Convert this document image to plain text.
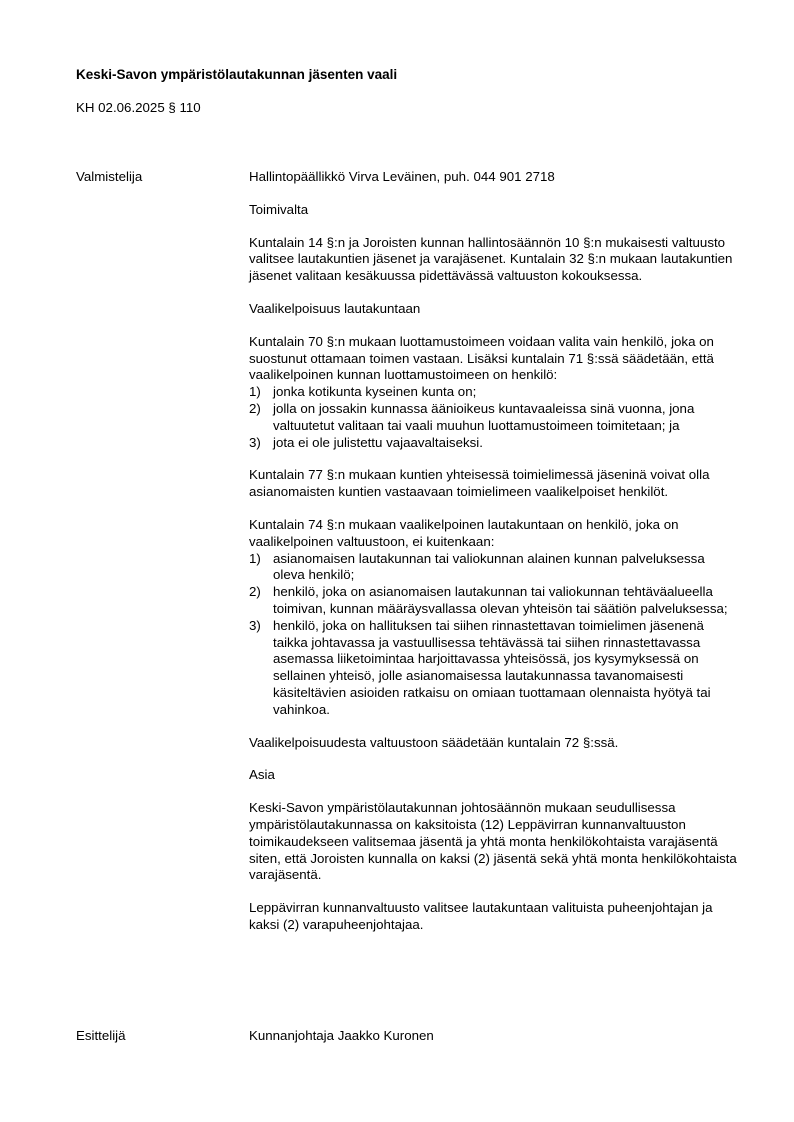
Keski-Savon ympäristölautakunnan jäsenten vaali
KH 02.06.2025 § 110
Valmistelija	Hallintopäällikkö Virva Leväinen, puh. 044 901 2718

Toimivalta

Kuntalain 14 §:n ja Joroisten kunnan hallintosäännön 10 §:n mukaisesti valtuusto valitsee lautakuntien jäsenet ja varajäsenet. Kuntalain 32 §:n mukaan lautakuntien jäsenet valitaan kesäkuussa pidettävässä valtuuston kokouksessa.

Vaalikelpoisuus lautakuntaan

Kuntalain 70 §:n mukaan luottamustoimeen voidaan valita vain henkilö, joka on suostunut ottamaan toimen vastaan. Lisäksi kuntalain 71 §:ssä säädetään, että vaalikelpoinen kunnan luottamustoimeen on henkilö:

1) jonka kotikunta kyseinen kunta on;
2) jolla on jossakin kunnassa äänioikeus kuntavaaleissa sinä vuonna, jona valtuutetut valitaan tai vaali muuhun luottamustoimeen toimitetaan; ja
3) jota ei ole julistettu vajaavaltaiseksi.

Kuntalain 77 §:n mukaan kuntien yhteisessä toimielimessä jäseninä voivat olla asianomaisten kuntien vastaavaan toimielimeen vaalikelpoiset henkilöt.

Kuntalain 74 §:n mukaan vaalikelpoinen lautakuntaan on henkilö, joka on vaalikelpoinen valtuustoon, ei kuitenkaan:

1) asianomaisen lautakunnan tai valiokunnan alainen kunnan palveluksessa oleva henkilö;
2) henkilö, joka on asianomaisen lautakunnan tai valiokunnan tehtäväalueella toimivan, kunnan määräysvallassa olevan yhteisön tai säätiön palveluksessa;
3) henkilö, joka on hallituksen tai siihen rinnastettavan toimielimen jäsenenä taikka johtavassa ja vastuullisessa tehtävässä tai siihen rinnastettavassa asemassa liiketoimintaa harjoittavassa yhteisössä, jos kysymyksessä on sellainen yhteisö, jolle asianomaisessa lautakunnassa tavanomaisesti käsiteltävien asioiden ratkaisu on omiaan tuottamaan olennaista hyötyä tai vahinkoa.

Vaalikelpoisuudesta valtuustoon säädetään kuntalain 72 §:ssä.

Asia

Keski-Savon ympäristölautakunnan johtosäännön mukaan seudullisessa ympäristölautakunnassa on kaksitoista (12) Leppävirran kunnanvaltuuston toimikaudekseen valitsemaa jäsentä ja yhtä monta henkilökohtaista varajäsentä siten, että Joroisten kunnalla on kaksi (2) jäsentä sekä yhtä monta henkilökohtaista varajäsentä.

Leppävirran kunnanvaltuusto valitsee lautakuntaan valituista puheenjohtajan ja kaksi (2) varapuheenjohtajaa.

Esittelijä	Kunnanjohtaja Jaakko Kuronen
